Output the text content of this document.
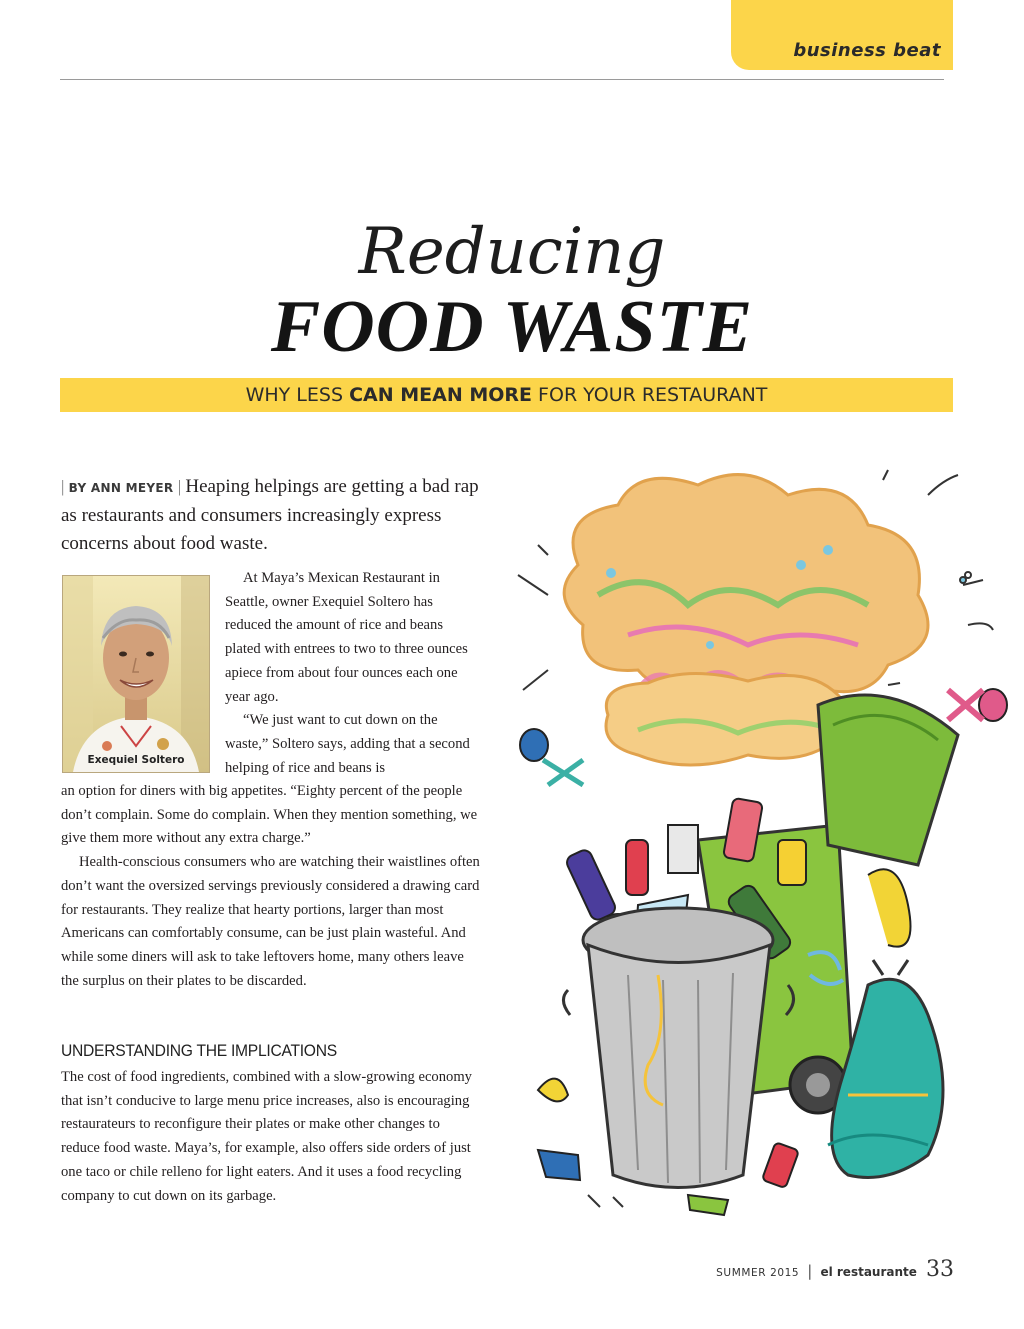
business beat
Reducing
FOOD WASTE
WHY LESS CAN MEAN MORE FOR YOUR RESTAURANT
| BY ANN MEYER | Heaping helpings are getting a bad rap as restaurants and consumers increasingly express concerns about food waste.
Exequiel Soltero

At Maya’s Mexican Restaurant in Seattle, owner Exequiel Soltero has reduced the amount of rice and beans plated with entrees to two to three ounces apiece from about four ounces each one year ago.

“We just want to cut down on the waste,” Soltero says, adding that a second helping of rice and beans is

an option for diners with big appetites. “Eighty percent of the people don’t complain. Some do complain. When they mention something, we give them more without any extra charge.”

Health-conscious consumers who are watching their waistlines often don’t want the oversized servings previously considered a drawing card for restaurants. They realize that hearty portions, larger than most Americans can comfortably consume, can be just plain wasteful. And while some diners will ask to take leftovers home, many others leave the surplus on their plates to be discarded.

UNDERSTANDING THE IMPLICATIONS

The cost of food ingredients, combined with a slow-growing economy that isn’t conducive to large menu price increases, also is encouraging restaurateurs to reconfigure their plates or make other changes to reduce food waste. Maya’s, for example, also offers side orders of just one taco or chile relleno for light eaters. And it uses a food recycling company to cut down on its garbage.

SUMMER 2015 | el restaurante 33
